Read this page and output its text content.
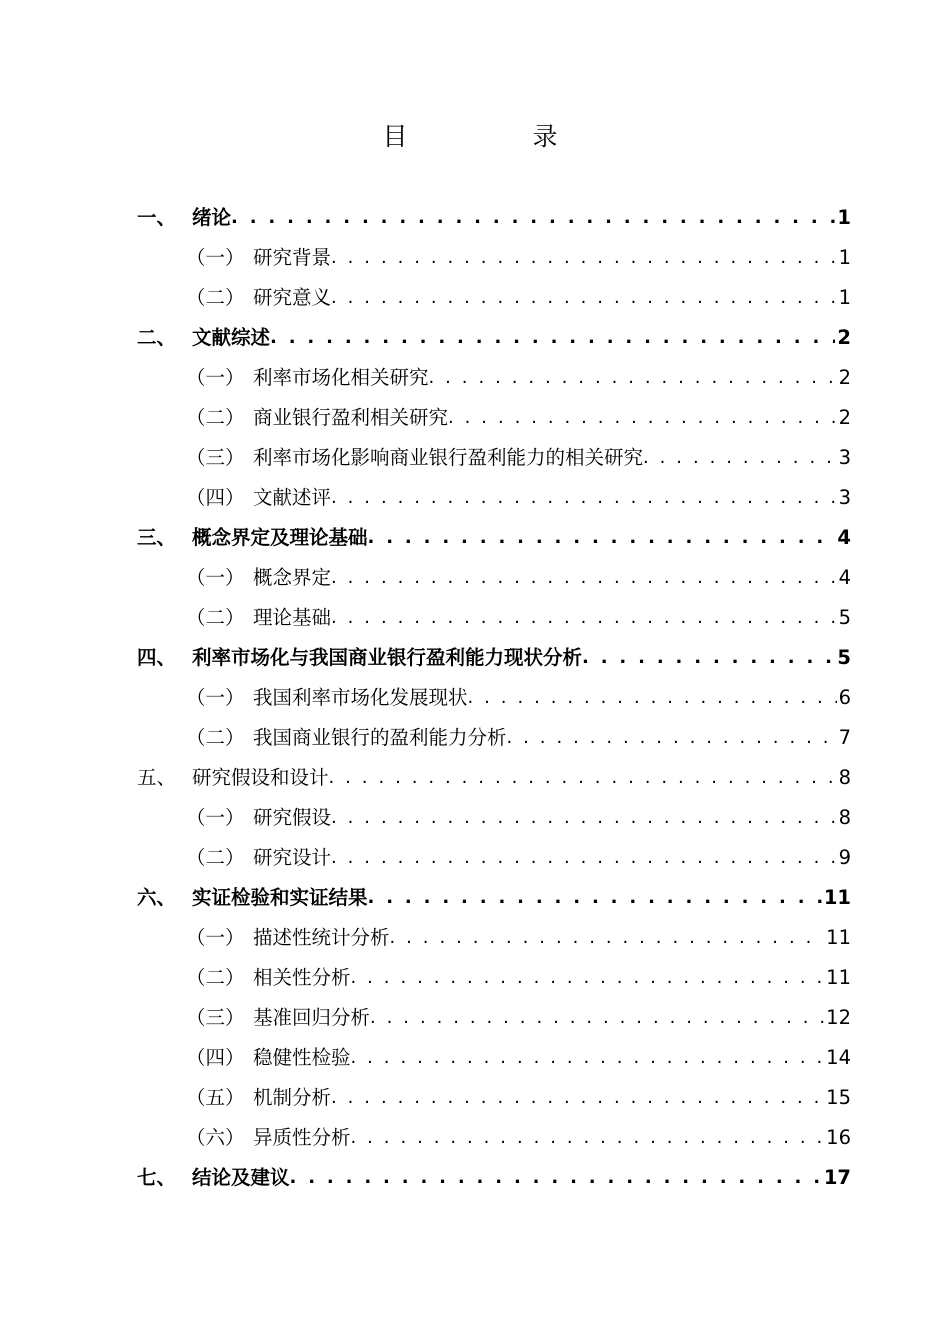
目　录
一、 绪论 . . .	1
（一） 研究背景 . . .	1
（二） 研究意义 . . .	1
二、 文献综述 . . .	2
（一） 利率市场化相关研究 . . .	2
（二） 商业银行盈利相关研究 . . .	2
（三） 利率市场化影响商业银行盈利能力的相关研究 . . .	3
（四） 文献述评 . . .	3
三、 概念界定及理论基础 . . .	4
（一） 概念界定 . . .	4
（二） 理论基础 . . .	5
四、 利率市场化与我国商业银行盈利能力现状分析 . . .	5
（一） 我国利率市场化发展现状 . . .	6
（二） 我国商业银行的盈利能力分析 . . .	7
五、 研究假设和设计 . . .	8
（一） 研究假设 . . .	8
（二） 研究设计 . . .	9
六、 实证检验和实证结果 . . .	11
（一） 描述性统计分析 . . .	11
（二） 相关性分析 . . .	11
（三） 基准回归分析 . . .	12
（四） 稳健性检验 . . .	14
（五） 机制分析 . . .	15
（六） 异质性分析 . . .	16
七、 结论及建议 . . .	17
